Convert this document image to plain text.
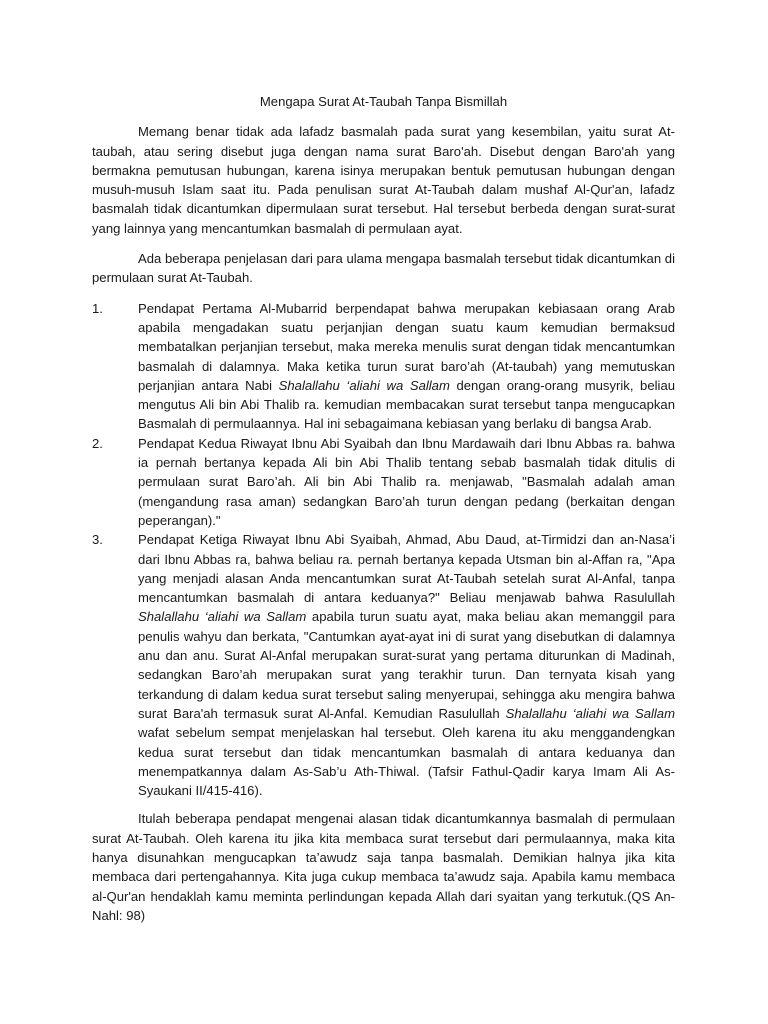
Mengapa Surat At-Taubah Tanpa Bismillah

Memang benar tidak ada lafadz basmalah pada surat yang kesembilan, yaitu surat At-taubah, atau sering disebut juga dengan nama surat Baro'ah. Disebut dengan Baro'ah yang bermakna pemutusan hubungan, karena isinya merupakan bentuk pemutusan hubungan dengan musuh-musuh Islam saat itu. Pada penulisan surat At-Taubah dalam mushaf Al-Qur'an, lafadz basmalah tidak dicantumkan dipermulaan surat tersebut. Hal tersebut berbeda dengan surat-surat yang lainnya yang mencantumkan basmalah di permulaan ayat.

Ada beberapa penjelasan dari para ulama mengapa basmalah tersebut tidak dicantumkan di permulaan surat At-Taubah.

1.	Pendapat Pertama Al-Mubarrid berpendapat bahwa merupakan kebiasaan orang Arab apabila mengadakan suatu perjanjian dengan suatu kaum kemudian bermaksud membatalkan perjanjian tersebut, maka mereka menulis surat dengan tidak mencantumkan basmalah di dalamnya. Maka ketika turun surat baro’ah (At-taubah) yang memutuskan perjanjian antara Nabi Shalallahu ‘aliahi wa Sallam dengan orang-orang musyrik, beliau mengutus Ali bin Abi Thalib ra. kemudian membacakan surat tersebut tanpa mengucapkan Basmalah di permulaannya. Hal ini sebagaimana kebiasan yang berlaku di bangsa Arab.
2.	Pendapat Kedua Riwayat Ibnu Abi Syaibah dan Ibnu Mardawaih dari Ibnu Abbas ra. bahwa ia pernah bertanya kepada Ali bin Abi Thalib tentang sebab basmalah tidak ditulis di permulaan surat Baro’ah. Ali bin Abi Thalib ra. menjawab, "Basmalah adalah aman (mengandung rasa aman) sedangkan Baro’ah turun dengan pedang (berkaitan dengan peperangan)."
3.	Pendapat Ketiga Riwayat Ibnu Abi Syaibah, Ahmad, Abu Daud, at-Tirmidzi dan an-Nasa’i dari Ibnu Abbas ra, bahwa beliau ra. pernah bertanya kepada Utsman bin al-Affan ra, "Apa yang menjadi alasan Anda mencantumkan surat At-Taubah setelah surat Al-Anfal, tanpa mencantumkan basmalah di antara keduanya?" Beliau menjawab bahwa Rasulullah Shalallahu ‘aliahi wa Sallam apabila turun suatu ayat, maka beliau akan memanggil para penulis wahyu dan berkata, "Cantumkan ayat-ayat ini di surat yang disebutkan di dalamnya anu dan anu. Surat Al-Anfal merupakan surat-surat yang pertama diturunkan di Madinah, sedangkan Baro’ah merupakan surat yang terakhir turun. Dan ternyata kisah yang terkandung di dalam kedua surat tersebut saling menyerupai, sehingga aku mengira bahwa surat Bara'ah termasuk surat Al-Anfal. Kemudian Rasulullah Shalallahu ‘aliahi wa Sallam wafat sebelum sempat menjelaskan hal tersebut. Oleh karena itu aku menggandengkan kedua surat tersebut dan tidak mencantumkan basmalah di antara keduanya dan menempatkannya dalam As-Sab’u Ath-Thiwal. (Tafsir Fathul-Qadir karya Imam Ali As-Syaukani II/415-416).

Itulah beberapa pendapat mengenai alasan tidak dicantumkannya basmalah di permulaan surat At-Taubah. Oleh karena itu jika kita membaca surat tersebut dari permulaannya, maka kita hanya disunahkan mengucapkan ta’awudz saja tanpa basmalah. Demikian halnya jika kita membaca dari pertengahannya. Kita juga cukup membaca ta’awudz saja. Apabila kamu membaca al-Qur'an hendaklah kamu meminta perlindungan kepada Allah dari syaitan yang terkutuk.(QS An-Nahl: 98)
